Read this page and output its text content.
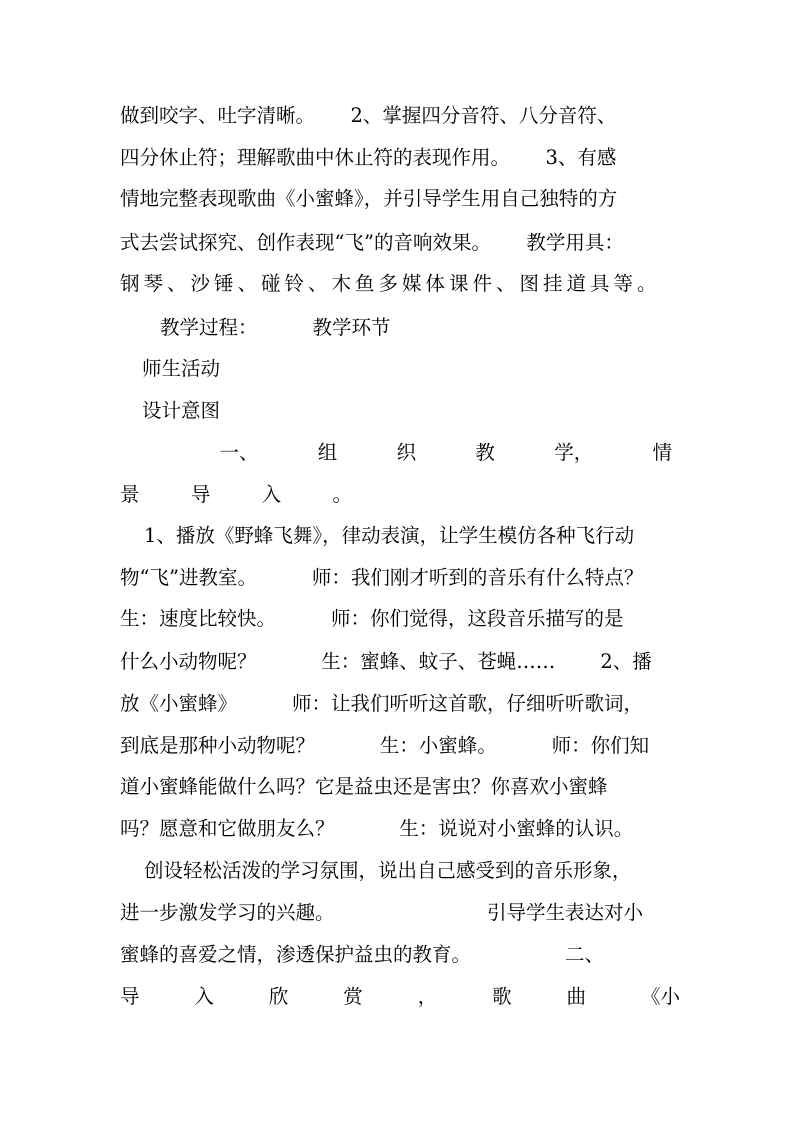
做到咬字、吐字清晰。　　 2、掌握四分音符、八分音符、
四分休止符；理解歌曲中休止符的表现作用。　　 3、有感
情地完整表现歌曲《小蜜蜂》，并引导学生用自己独特的方
式去尝试探究、创作表现“飞”的音响效果。　　 教学用具：
钢琴、沙锤、碰铃、木鱼多媒体课件、图挂道具等。
教学过程：　　　 教学环节
师生活动
设计意图
　一、	组	织	教	学，	情
景	导	入	。
1、播放《野蜂飞舞》，律动表演，让学生模仿各种飞行动
物“飞”进教室。　　　 师：我们刚才听到的音乐有什么特点？
生：速度比较快。　　　 师：你们觉得，这段音乐描写的是
什么小动物呢？　　　 生：蜜蜂、蚊子、苍蝇……　　 2、播
放《小蜜蜂》　　　 师：让我们听听这首歌，仔细听听歌词，
到底是那种小动物呢？　　　 生：小蜜蜂。　　　 师：你们知
道小蜜蜂能做什么吗？它是益虫还是害虫？你喜欢小蜜蜂
吗？愿意和它做朋友么？　　　 生：说说对小蜜蜂的认识。
创设轻松活泼的学习氛围，说出自己感受到的音乐形象，
进一步激发学习的兴趣。　　　　　　　　 引导学生表达对小
蜜蜂的喜爱之情，渗透保护益虫的教育。　　　　　 二、
导	入	欣	赏	，	歌	曲	《小
